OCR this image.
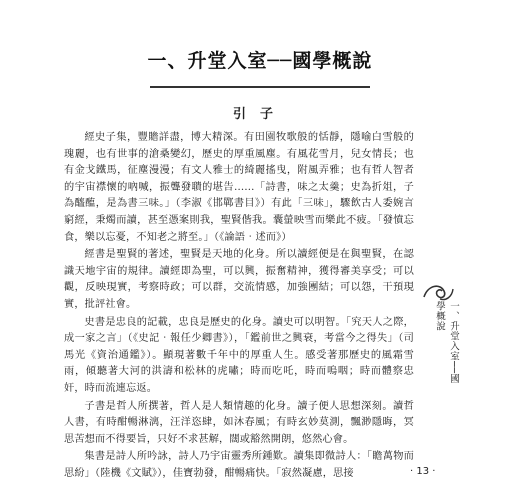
一、升堂入室──國學概說
引子

經史子集，豐贍詳盡，博大精深。有田園牧歌般的恬靜，隱喻白雪般的瑰麗，也有世事的滄桑變幻，歷史的厚重風塵。有風花雪月，兒女情長；也有金戈鐵馬，征塵漫漫；有文人雅士的綺麗搖曳，附風弄雅；也有哲人智者的宇宙襟懷的吶喊，振聾發聵的堪告……「詩書，味之太羹；史為折俎，子為醯醢，是為書三味。」（李淑《邯鄲書目》）有此「三味」，驟飲古人委婉言窮經，秉燭而讀，甚至憑案則我，聖賢偕我。囊螢映雪而樂此不疲。「發憤忘食，樂以忘憂，不知老之將至。」（《論語‧述而》）

經書是聖賢的著述，聖賢是天地的化身。所以讀經便是在與聖賢，在認識天地宇宙的規律。讀經即為聖，可以興，振奮精神，獲得審美享受；可以觀，反映現實，考察時政；可以群，交流情感，加強團結；可以怨，干預現實，批評社會。

史書是忠良的記載，忠良是歷史的化身。讀史可以明智。「究天人之際，成一家之言」（《史記‧報任少卿書》），「鑑前世之興衰，考當今之得失」（司馬光《資治通鑑》）。顯現著數千年中的厚重人生。感受著那歷史的風霜雪雨，傾聽著大河的洪濤和松林的虎嘯；時而吃吒，時而嗚咽；時而體察忠奸，時而流連忘返。

子書是哲人所撰著，哲人是人類情趣的化身。讀子便人思想深刻。讀哲人書，有時酣暢淋漓，汪洋恣肆，如沐春風；有時玄妙莫測，飄渺隱晦，冥思苦想而不得要旨，只好不求甚解，闊或豁然開朗，悠然心會。

集書是詩人所吟詠，詩人乃宇宙靈秀所鍾歎。讀集即微詩人：「瞻萬物而思紛」（陸機《文賦》），佳寶勃發，酣暢痛快。「寂然凝慮，思接

一、升堂入室──國學概說
· 13 ·
